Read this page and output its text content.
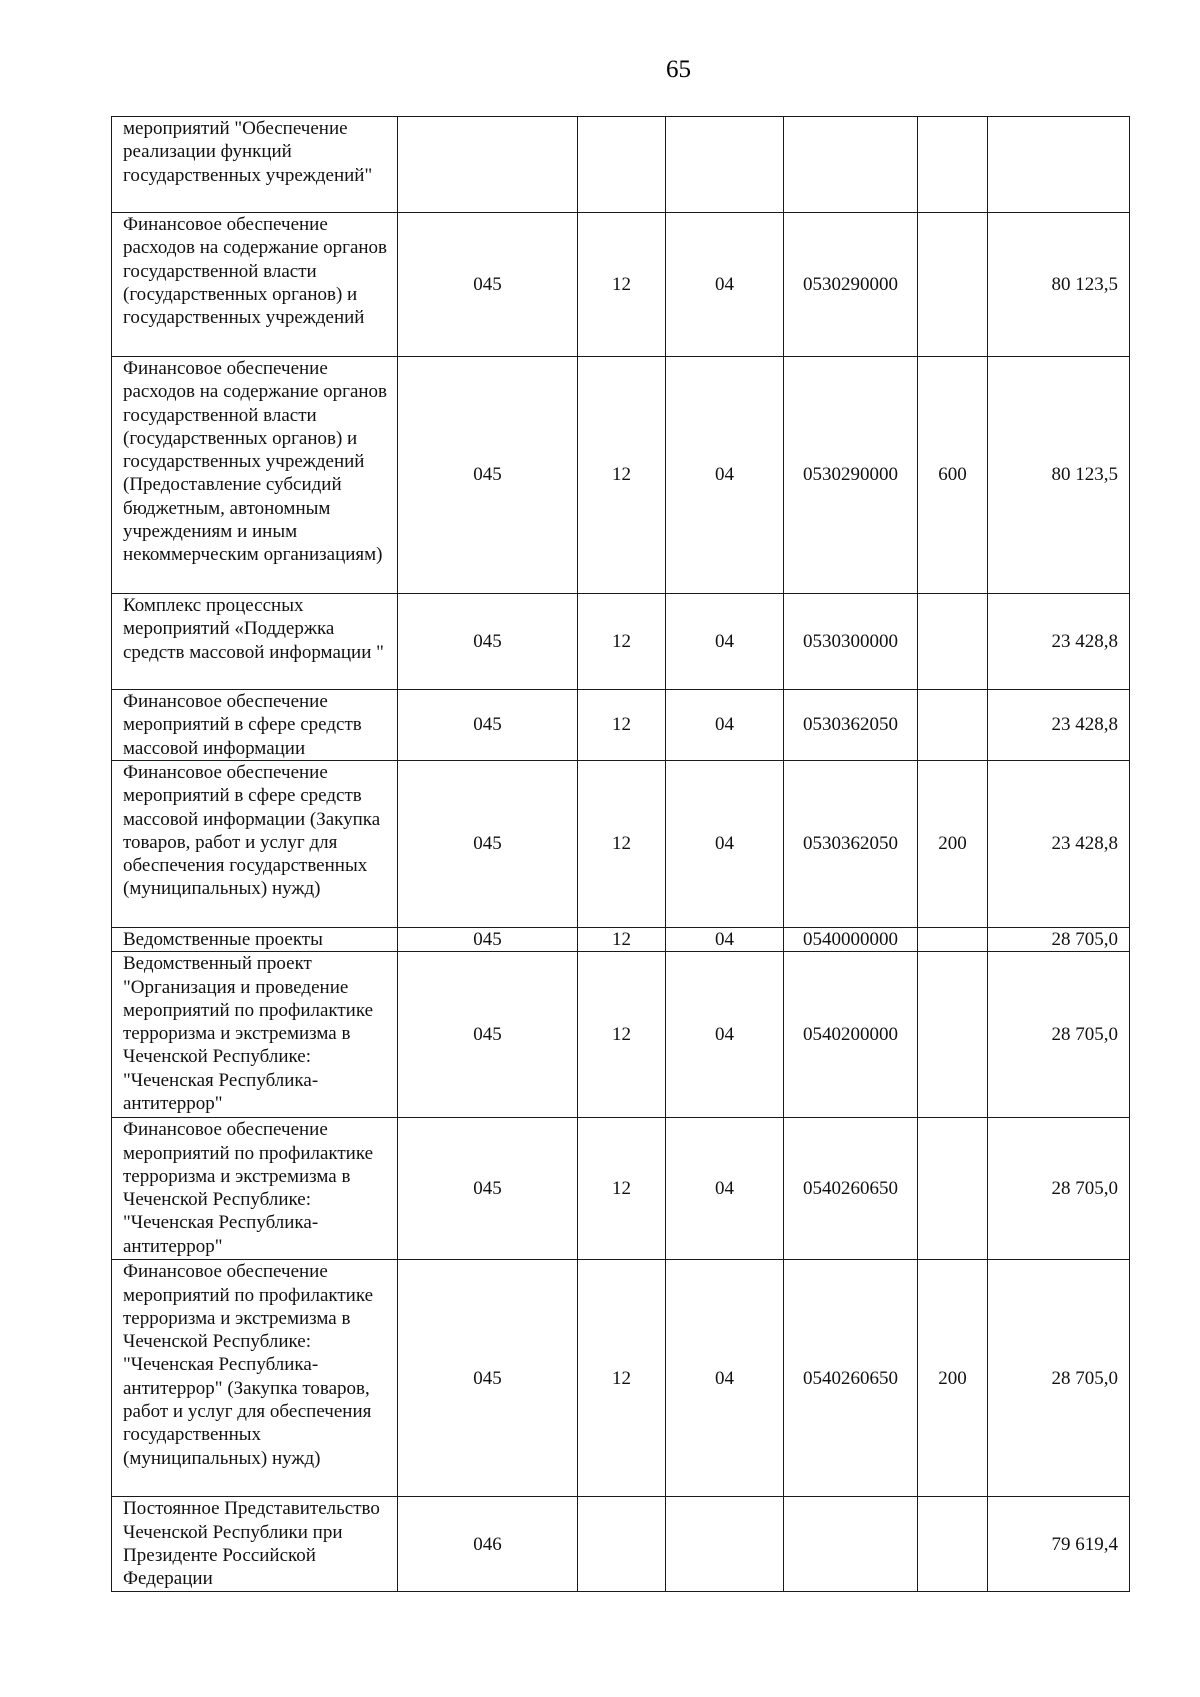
65
мероприятий "Обеспечение реализации функций государственных учреждений"						
Финансовое обеспечение расходов на содержание органов государственной власти (государственных органов) и государственных учреждений	045	12	04	0530290000		80 123,5
Финансовое обеспечение расходов на содержание органов государственной власти (государственных органов) и государственных учреждений (Предоставление субсидий бюджетным, автономным учреждениям и иным некоммерческим организациям)	045	12	04	0530290000	600	80 123,5
Комплекс процессных мероприятий «Поддержка средств массовой информации "	045	12	04	0530300000		23 428,8
Финансовое обеспечение мероприятий в сфере средств массовой информации	045	12	04	0530362050		23 428,8
Финансовое обеспечение мероприятий в сфере средств массовой информации (Закупка товаров, работ и услуг для обеспечения государственных (муниципальных) нужд)	045	12	04	0530362050	200	23 428,8
Ведомственные проекты	045	12	04	0540000000		28 705,0
Ведомственный проект "Организация и проведение мероприятий по профилактике терроризма и экстремизма в Чеченской Республике: "Чеченская Республика-антитеррор"	045	12	04	0540200000		28 705,0
Финансовое обеспечение мероприятий по профилактике терроризма и экстремизма в Чеченской Республике: "Чеченская Республика-антитеррор"	045	12	04	0540260650		28 705,0
Финансовое обеспечение мероприятий по профилактике терроризма и экстремизма в Чеченской Республике: "Чеченская Республика-антитеррор" (Закупка товаров, работ и услуг для обеспечения государственных (муниципальных) нужд)	045	12	04	0540260650	200	28 705,0
Постоянное Представительство Чеченской Республики при Президенте Российской Федерации	046					79 619,4
